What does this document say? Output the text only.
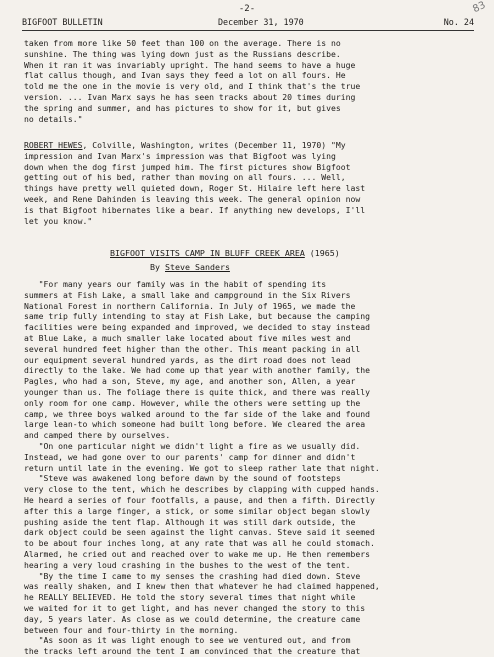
-2-	83
BIGFOOT BULLETIN	December 31, 1970	No. 24
taken from more like 50 feet than 100 on the average. There is no
sunshine. The thing was lying down just as the Russians describe.
When it ran it was invariably upright. The hand seems to have a huge
flat callus though, and Ivan says they feed a lot on all fours. He
told me the one in the movie is very old, and I think that's the true
version. ... Ivan Marx says he has seen tracks about 20 times during
the spring and summer, and has pictures to show for it, but gives
no details."
ROBERT HEWES, Colville, Washington, writes (December 11, 1970) "My
impression and Ivan Marx's impression was that Bigfoot was lying
down when the dog first jumped him. The first pictures show Bigfoot
getting out of his bed, rather than moving on all fours. ... Well,
things have pretty well quieted down, Roger St. Hilaire left here last
week, and Rene Dahinden is leaving this week. The general opinion now
is that Bigfoot hibernates like a bear. If anything new develops, I'll
let you know."
BIGFOOT VISITS CAMP IN BLUFF CREEK AREA (1965)
By Steve Sanders
"For many years our family was in the habit of spending its
summers at Fish Lake, a small lake and campground in the Six Rivers
National Forest in northern California. In July of 1965, we made the
same trip fully intending to stay at Fish Lake, but because the camping
facilities were being expanded and improved, we decided to stay instead
at Blue Lake, a much smaller lake located about five miles west and
several hundred feet higher than the other. This meant packing in all
our equipment several hundred yards, as the dirt road does not lead
directly to the lake. We had come up that year with another family, the
Pagles, who had a son, Steve, my age, and another son, Allen, a year
younger than us. The foliage there is quite thick, and there was really
only room for one camp. However, while the others were setting up the
camp, we three boys walked around to the far side of the lake and found
large lean-to which someone had built long before. We cleared the area
and camped there by ourselves.
"On one particular night we didn't light a fire as we usually did.
Instead, we had gone over to our parents' camp for dinner and didn't
return until late in the evening. We got to sleep rather late that night.
"Steve was awakened long before dawn by the sound of footsteps
very close to the tent, which he describes by clapping with cupped hands.
He heard a series of four footfalls, a pause, and then a fifth. Directly
after this a large finger, a stick, or some similar object began slowly
pushing aside the tent flap. Although it was still dark outside, the
dark object could be seen against the light canvas. Steve said it seemed
to be about four inches long, at any rate that was all he could stomach.
Alarmed, he cried out and reached over to wake me up. He then remembers
hearing a very loud crashing in the bushes to the west of the tent.
"By the time I came to my senses the crashing had died down. Steve
was really shaken, and I knew then that whatever he had claimed happened,
he REALLY BELIEVED. He told the story several times that night while
we waited for it to get light, and has never changed the story to this
day, 5 years later. As close as we could determine, the creature came
between four and four-thirty in the morning.
"As soon as it was light enough to see we ventured out, and from
the tracks left around the tent I am convinced that the creature that
